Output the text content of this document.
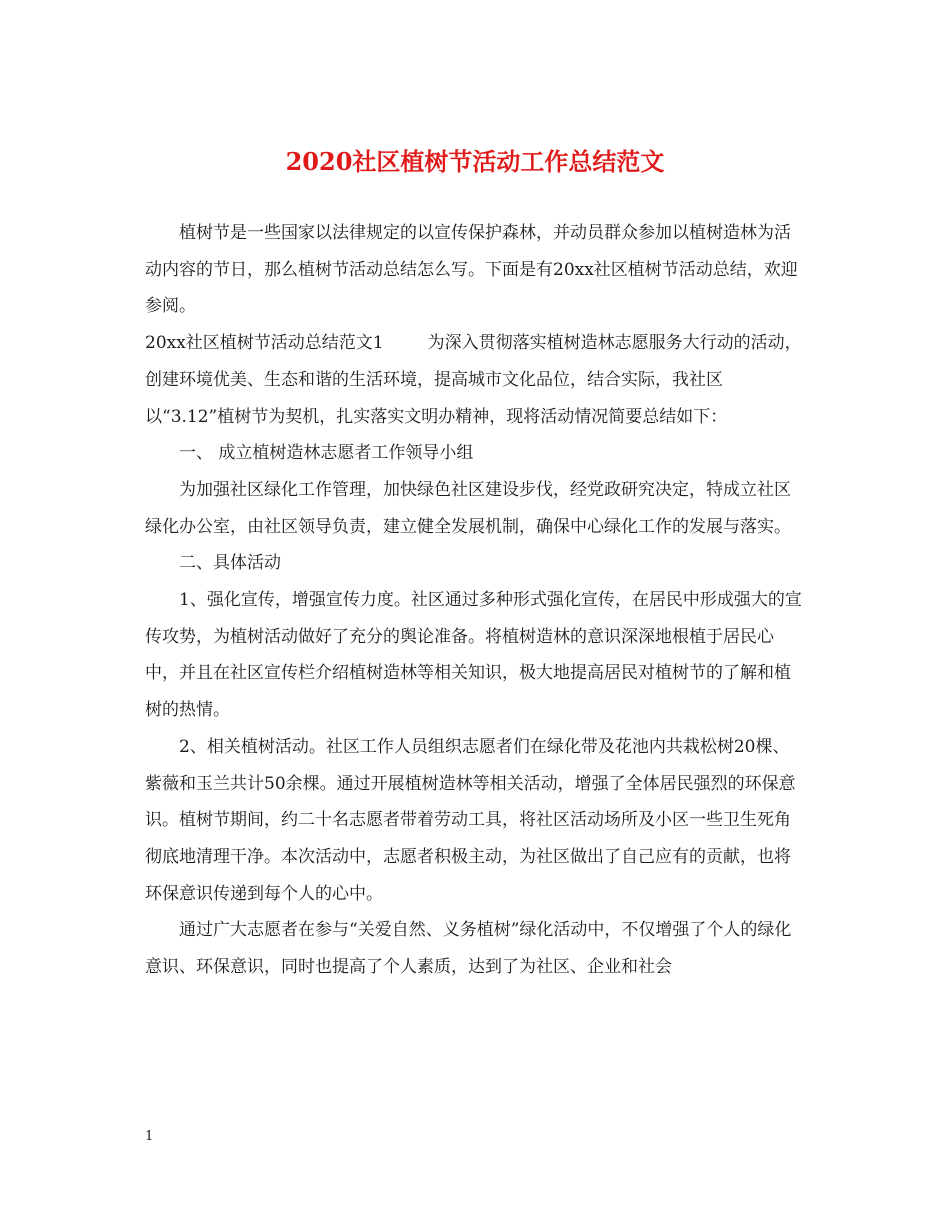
2020社区植树节活动工作总结范文

植树节是一些国家以法律规定的以宣传保护森林，并动员群众参加以植树造林为活动内容的节日，那么植树节活动总结怎么写。下面是有20xx社区植树节活动总结，欢迎参阅。

20xx社区植树节活动总结范文1	为深入贯彻落实植树造林志愿服务大行动的活动，创建环境优美、生态和谐的生活环境，提高城市文化品位，结合实际，我社区以“3.12”植树节为契机，扎实落实文明办精神，现将活动情况简要总结如下：

一、 成立植树造林志愿者工作领导小组

为加强社区绿化工作管理，加快绿色社区建设步伐，经党政研究决定，特成立社区绿化办公室，由社区领导负责，建立健全发展机制，确保中心绿化工作的发展与落实。

二、具体活动

1、强化宣传，增强宣传力度。社区通过多种形式强化宣传，在居民中形成强大的宣传攻势，为植树活动做好了充分的舆论准备。将植树造林的意识深深地根植于居民心中，并且在社区宣传栏介绍植树造林等相关知识，极大地提高居民对植树节的了解和植树的热情。

2、相关植树活动。社区工作人员组织志愿者们在绿化带及花池内共栽松树20棵、紫薇和玉兰共计50余棵。通过开展植树造林等相关活动，增强了全体居民强烈的环保意识。植树节期间，约二十名志愿者带着劳动工具，将社区活动场所及小区一些卫生死角彻底地清理干净。本次活动中，志愿者积极主动，为社区做出了自己应有的贡献，也将环保意识传递到每个人的心中。

通过广大志愿者在参与“关爱自然、义务植树”绿化活动中，不仅增强了个人的绿化意识、环保意识，同时也提高了个人素质，达到了为社区、企业和社会

1
